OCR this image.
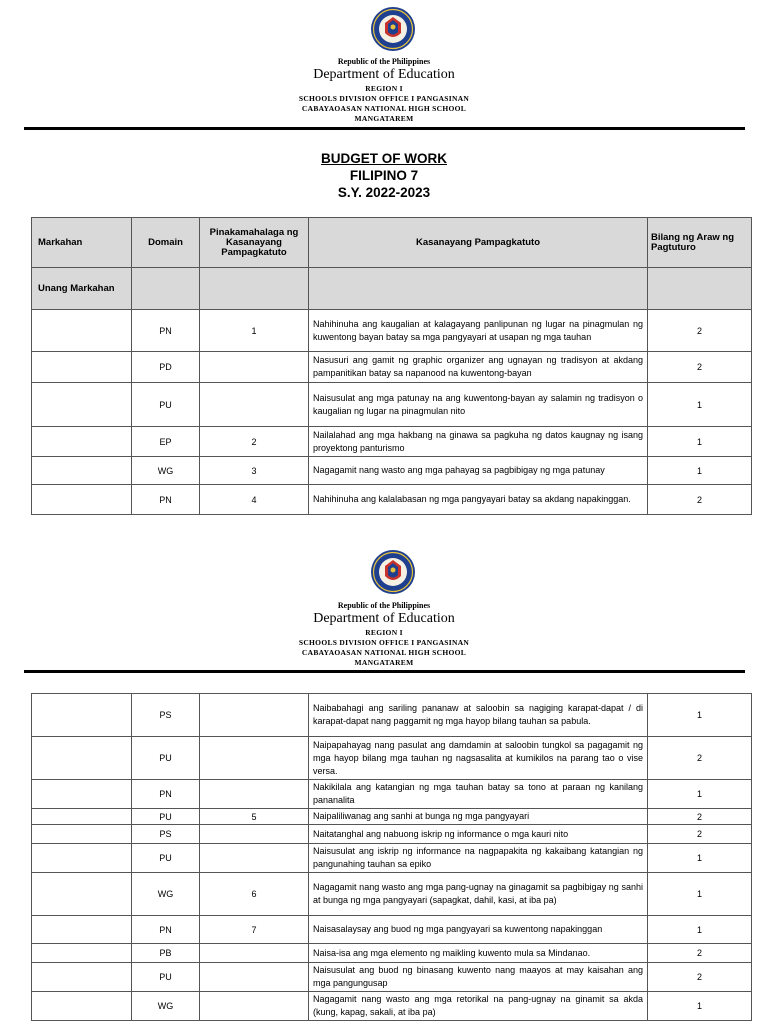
Republic of the Philippines
Department of Education
REGION I
SCHOOLS DIVISION OFFICE I PANGASINAN
CABAYAOASAN NATIONAL HIGH SCHOOL
MANGATAREM
BUDGET OF WORK
FILIPINO 7
S.Y. 2022-2023
Markahan	Domain	Pinakamahalaga ng Kasanayang Pampagkatuto	Kasanayang Pampagkatuto	Bilang ng Araw ng Pagtuturo
Unang Markahan				
	PN	1	Nahihinuha ang kaugalian at kalagayang panlipunan ng lugar na pinagmulan ng kuwentong bayan batay sa mga pangyayari at usapan ng mga tauhan	2
	PD		Nasusuri ang gamit ng graphic organizer ang ugnayan ng tradisyon at akdang pampanitikan batay sa napanood na kuwentong-bayan	2
	PU		Naisusulat ang mga patunay na ang kuwentong-bayan ay salamin ng tradisyon o kaugalian ng lugar na pinagmulan nito	1
	EP	2	Nailalahad ang mga hakbang na ginawa sa pagkuha ng datos kaugnay ng isang proyektong panturismo	1
	WG	3	Nagagamit nang wasto ang mga pahayag sa pagbibigay ng mga patunay	1
	PN	4	Nahihinuha ang kalalabasan ng mga pangyayari batay sa akdang napakinggan.	2
Republic of the Philippines
Department of Education
REGION I
SCHOOLS DIVISION OFFICE I PANGASINAN
CABAYAOASAN NATIONAL HIGH SCHOOL
MANGATAREM
	PS		Naibabahagi ang sariling pananaw at saloobin sa nagiging karapat-dapat / di karapat-dapat nang paggamit ng mga hayop bilang tauhan sa pabula.	1
	PU		Naipapahayag nang pasulat ang damdamin at saloobin tungkol sa pagagamit ng mga hayop bilang mga tauhan ng nagsasalita at kumikilos na parang tao o vise versa.	2
	PN		Nakikilala ang katangian ng mga tauhan batay sa tono at paraan ng kanilang pananalita	1
	PU	5	Naipaliliwanag ang sanhi at bunga ng mga pangyayari	2
	PS		Naitatanghal ang nabuong iskrip ng informance o mga kauri nito	2
	PU		Naisusulat ang iskrip ng informance na nagpapakita ng kakaibang katangian ng pangunahing tauhan sa epiko	1
	WG	6	Nagagamit nang wasto ang mga pang-ugnay na ginagamit sa pagbibigay ng sanhi at bunga ng mga pangyayari (sapagkat, dahil, kasi, at iba pa)	1
	PN	7	Naisasalaysay ang buod ng mga pangyayari sa kuwentong napakinggan	1
	PB		Naisa-isa ang mga elemento ng maikling kuwento mula sa Mindanao.	2
	PU		Naisusulat ang buod ng binasang kuwento nang maayos at may kaisahan ang mga pangungusap	2
	WG		Nagagamit nang wasto ang mga retorikal na pang-ugnay na ginamit sa akda (kung, kapag, sakali, at iba pa)	1
